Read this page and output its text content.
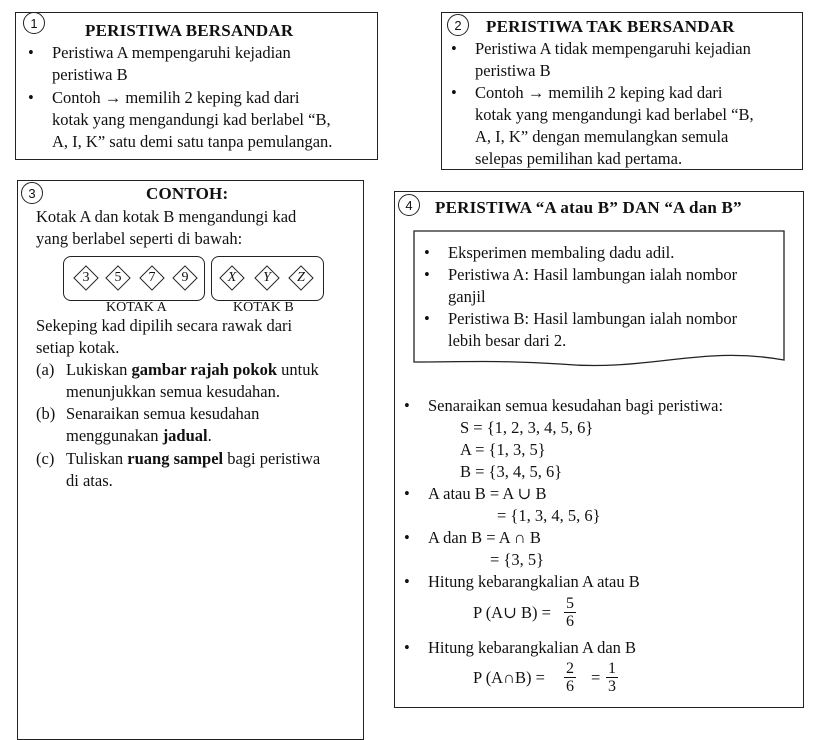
1	PERISTIWA BERSANDAR
•	Peristiwa A mempengaruhi kejadian
peristiwa B
•	Contoh → memilih 2 keping kad dari
kotak yang mengandungi kad berlabel “B,
A, I, K” satu demi satu tanpa pemulangan.
2	PERISTIWA TAK BERSANDAR
•	Peristiwa A tidak mempengaruhi kejadian
peristiwa B
•	Contoh → memilih 2 keping kad dari
kotak yang mengandungi kad berlabel “B,
A, I, K” dengan memulangkan semula
selepas pemilihan kad pertama.
3	CONTOH:
Kotak A dan kotak B mengandungi kad
yang berlabel seperti di bawah:
3	5	7	9
KOTAK A
X	Y	Z
KOTAK B
Sekeping kad dipilih secara rawak dari
setiap kotak.
(a) Lukiskan gambar rajah pokok untuk
menunjukkan semua kesudahan.
(b) Senaraikan semua kesudahan
menggunakan jadual.
(c) Tuliskan ruang sampel bagi peristiwa
di atas.
4	PERISTIWA “A atau B” DAN “A dan B”
•	Eksperimen membaling dadu adil.
•	Peristiwa A: Hasil lambungan ialah nombor
ganjil
•	Peristiwa B: Hasil lambungan ialah nombor
lebih besar dari 2.
•	Senaraikan semua kesudahan bagi peristiwa:
S = {1, 2, 3, 4, 5, 6}
A = {1, 3, 5}
B = {3, 4, 5, 6}
•	A atau B = A ∪ B
= {1, 3, 4, 5, 6}
•	A dan B = A ∩ B
= {3, 5}
•	Hitung kebarangkalian A atau B
P (A∪ $B) = \frac{5}{6}$
•	Hitung kebarangkalian A dan B
P (A∩B) = $\frac{2}{6} = \frac{1}{3}$
